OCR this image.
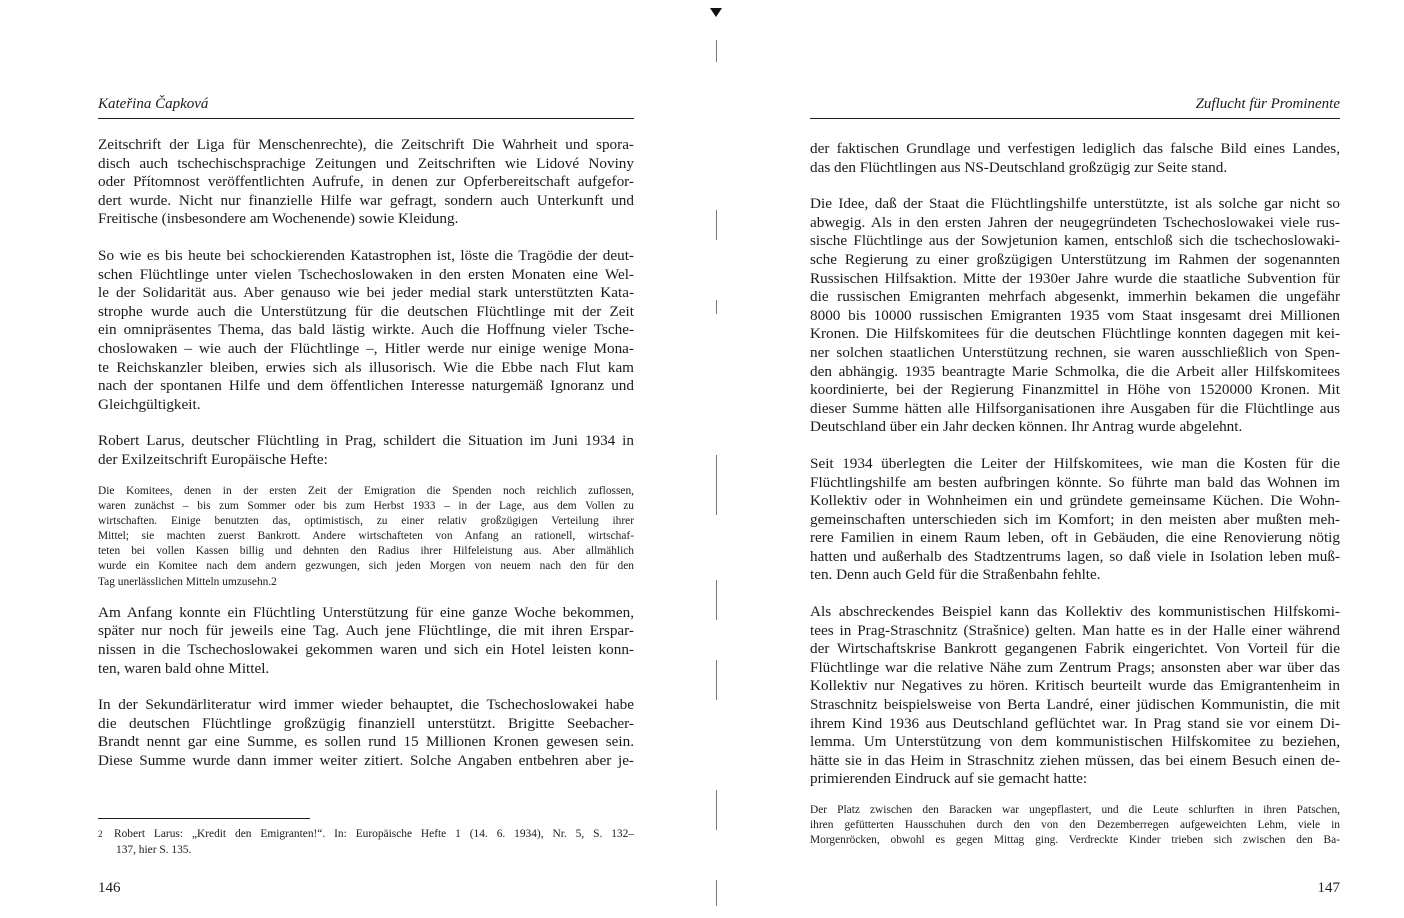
Kateřina Čapková
Zeitschrift der Liga für Menschenrechte), die Zeitschrift Die Wahrheit und spora-
disch auch tschechischsprachige Zeitungen und Zeitschriften wie Lidové Noviny
oder Přítomnost veröffentlichten Aufrufe, in denen zur Opferbereitschaft aufgefor-
dert wurde. Nicht nur finanzielle Hilfe war gefragt, sondern auch Unterkunft und
Freitische (insbesondere am Wochenende) sowie Kleidung.
So wie es bis heute bei schockierenden Katastrophen ist, löste die Tragödie der deut-
schen Flüchtlinge unter vielen Tschechoslowaken in den ersten Monaten eine Wel-
le der Solidarität aus. Aber genauso wie bei jeder medial stark unterstützten Kata-
strophe wurde auch die Unterstützung für die deutschen Flüchtlinge mit der Zeit
ein omnipräsentes Thema, das bald lästig wirkte. Auch die Hoffnung vieler Tsche-
choslowaken – wie auch der Flüchtlinge –, Hitler werde nur einige wenige Mona-
te Reichskanzler bleiben, erwies sich als illusorisch. Wie die Ebbe nach Flut kam
nach der spontanen Hilfe und dem öffentlichen Interesse naturgemäß Ignoranz und
Gleichgültigkeit.
Robert Larus, deutscher Flüchtling in Prag, schildert die Situation im Juni 1934 in
der Exilzeitschrift Europäische Hefte:
Die Komitees, denen in der ersten Zeit der Emigration die Spenden noch reichlich zuflossen,
waren zunächst – bis zum Sommer oder bis zum Herbst 1933 – in der Lage, aus dem Vollen zu
wirtschaften. Einige benutzten das, optimistisch, zu einer relativ großzügigen Verteilung ihrer
Mittel; sie machten zuerst Bankrott. Andere wirtschafteten von Anfang an rationell, wirtschaf-
teten bei vollen Kassen billig und dehnten den Radius ihrer Hilfeleistung aus. Aber allmählich
wurde ein Komitee nach dem andern gezwungen, sich jeden Morgen von neuem nach den für den
Tag unerlässlichen Mitteln umzusehn.2
Am Anfang konnte ein Flüchtling Unterstützung für eine ganze Woche bekommen,
später nur noch für jeweils eine Tag. Auch jene Flüchtlinge, die mit ihren Erspar-
nissen in die Tschechoslowakei gekommen waren und sich ein Hotel leisten konn-
ten, waren bald ohne Mittel.
In der Sekundärliteratur wird immer wieder behauptet, die Tschechoslowakei habe
die deutschen Flüchtlinge großzügig finanziell unterstützt. Brigitte Seebacher-
Brandt nennt gar eine Summe, es sollen rund 15 Millionen Kronen gewesen sein.
Diese Summe wurde dann immer weiter zitiert. Solche Angaben entbehren aber je-
2 Robert Larus: „Kredit den Emigranten!“. In: Europäische Hefte 1 (14. 6. 1934), Nr. 5, S. 132–
137, hier S. 135.
146
Zuflucht für Prominente
der faktischen Grundlage und verfestigen lediglich das falsche Bild eines Landes,
das den Flüchtlingen aus NS-Deutschland großzügig zur Seite stand.
Die Idee, daß der Staat die Flüchtlingshilfe unterstützte, ist als solche gar nicht so
abwegig. Als in den ersten Jahren der neugegründeten Tschechoslowakei viele rus-
sische Flüchtlinge aus der Sowjetunion kamen, entschloß sich die tschechoslowaki-
sche Regierung zu einer großzügigen Unterstützung im Rahmen der sogenannten
Russischen Hilfsaktion. Mitte der 1930er Jahre wurde die staatliche Subvention für
die russischen Emigranten mehrfach abgesenkt, immerhin bekamen die ungefähr
8000 bis 10000 russischen Emigranten 1935 vom Staat insgesamt drei Millionen
Kronen. Die Hilfskomitees für die deutschen Flüchtlinge konnten dagegen mit kei-
ner solchen staatlichen Unterstützung rechnen, sie waren ausschließlich von Spen-
den abhängig. 1935 beantragte Marie Schmolka, die die Arbeit aller Hilfskomitees
koordinierte, bei der Regierung Finanzmittel in Höhe von 1520000 Kronen. Mit
dieser Summe hätten alle Hilfsorganisationen ihre Ausgaben für die Flüchtlinge aus
Deutschland über ein Jahr decken können. Ihr Antrag wurde abgelehnt.
Seit 1934 überlegten die Leiter der Hilfskomitees, wie man die Kosten für die
Flüchtlingshilfe am besten aufbringen könnte. So führte man bald das Wohnen im
Kollektiv oder in Wohnheimen ein und gründete gemeinsame Küchen. Die Wohn-
gemeinschaften unterschieden sich im Komfort; in den meisten aber mußten meh-
rere Familien in einem Raum leben, oft in Gebäuden, die eine Renovierung nötig
hatten und außerhalb des Stadtzentrums lagen, so daß viele in Isolation leben muß-
ten. Denn auch Geld für die Straßenbahn fehlte.
Als abschreckendes Beispiel kann das Kollektiv des kommunistischen Hilfskomi-
tees in Prag-Straschnitz (Strašnice) gelten. Man hatte es in der Halle einer während
der Wirtschaftskrise Bankrott gegangenen Fabrik eingerichtet. Von Vorteil für die
Flüchtlinge war die relative Nähe zum Zentrum Prags; ansonsten aber war über das
Kollektiv nur Negatives zu hören. Kritisch beurteilt wurde das Emigrantenheim in
Straschnitz beispielsweise von Berta Landré, einer jüdischen Kommunistin, die mit
ihrem Kind 1936 aus Deutschland geflüchtet war. In Prag stand sie vor einem Di-
lemma. Um Unterstützung von dem kommunistischen Hilfskomitee zu beziehen,
hätte sie in das Heim in Straschnitz ziehen müssen, das bei einem Besuch einen de-
primierenden Eindruck auf sie gemacht hatte:
Der Platz zwischen den Baracken war ungepflastert, und die Leute schlurften in ihren Patschen,
ihren gefütterten Hausschuhen durch den von den Dezemberregen aufgeweichten Lehm, viele in
Morgenröcken, obwohl es gegen Mittag ging. Verdreckte Kinder trieben sich zwischen den Ba-
147
